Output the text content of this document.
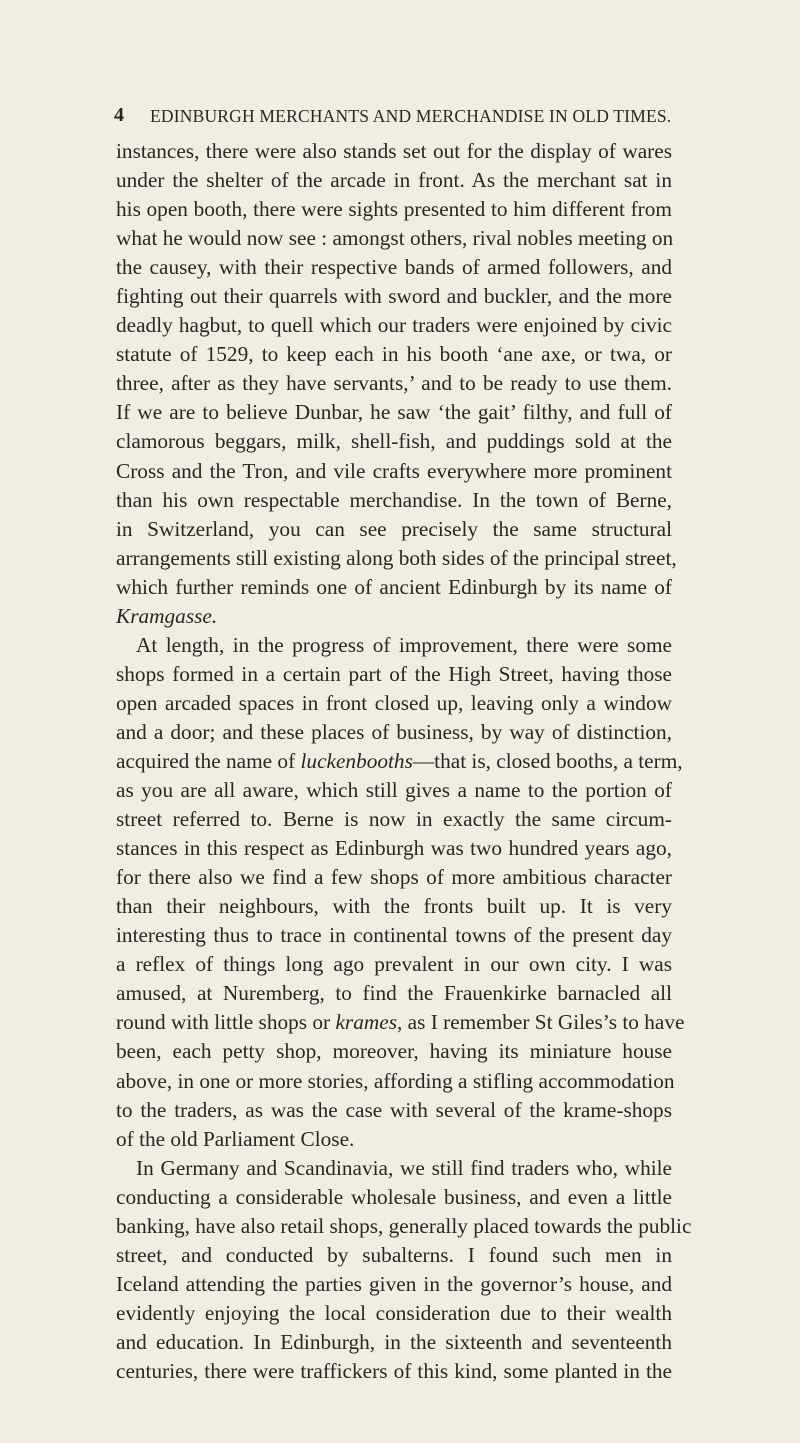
4 EDINBURGH MERCHANTS AND MERCHANDISE IN OLD TIMES.
instances, there were also stands set out for the display of wares
under the shelter of the arcade in front. As the merchant sat in
his open booth, there were sights presented to him different from
what he would now see : amongst others, rival nobles meeting on
the causey, with their respective bands of armed followers, and
fighting out their quarrels with sword and buckler, and the more
deadly hagbut, to quell which our traders were enjoined by civic
statute of 1529, to keep each in his booth ‘ane axe, or twa, or
three, after as they have servants,’ and to be ready to use them.
If we are to believe Dunbar, he saw ‘the gait’ filthy, and full of
clamorous beggars, milk, shell-fish, and puddings sold at the
Cross and the Tron, and vile crafts everywhere more prominent
than his own respectable merchandise. In the town of Berne,
in Switzerland, you can see precisely the same structural
arrangements still existing along both sides of the principal street,
which further reminds one of ancient Edinburgh by its name of
Kramgasse.
At length, in the progress of improvement, there were some
shops formed in a certain part of the High Street, having those
open arcaded spaces in front closed up, leaving only a window
and a door; and these places of business, by way of distinction,
acquired the name of luckenbooths—that is, closed booths, a term,
as you are all aware, which still gives a name to the portion of
street referred to. Berne is now in exactly the same circum-
stances in this respect as Edinburgh was two hundred years ago,
for there also we find a few shops of more ambitious character
than their neighbours, with the fronts built up. It is very
interesting thus to trace in continental towns of the present day
a reflex of things long ago prevalent in our own city. I was
amused, at Nuremberg, to find the Frauenkirke barnacled all
round with little shops or krames, as I remember St Giles’s to have
been, each petty shop, moreover, having its miniature house
above, in one or more stories, affording a stifling accommodation
to the traders, as was the case with several of the krame-shops
of the old Parliament Close.
In Germany and Scandinavia, we still find traders who, while
conducting a considerable wholesale business, and even a little
banking, have also retail shops, generally placed towards the public
street, and conducted by subalterns. I found such men in
Iceland attending the parties given in the governor’s house, and
evidently enjoying the local consideration due to their wealth
and education. In Edinburgh, in the sixteenth and seventeenth
centuries, there were traffickers of this kind, some planted in the
